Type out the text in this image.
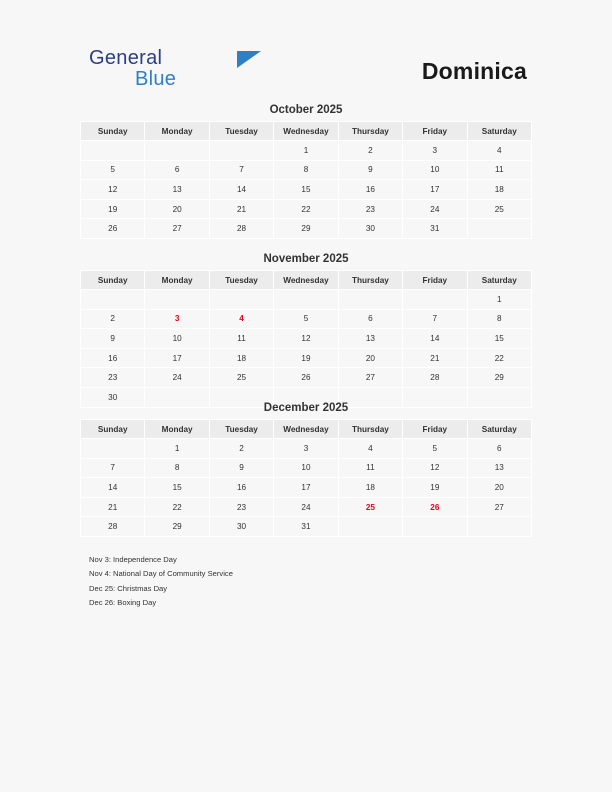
General
Blue	Dominica
October 2025
Sunday	Monday	Tuesday	Wednesday	Thursday	Friday	Saturday
			1	2	3	4
5	6	7	8	9	10	11
12	13	14	15	16	17	18
19	20	21	22	23	24	25
26	27	28	29	30	31	
November 2025
Sunday	Monday	Tuesday	Wednesday	Thursday	Friday	Saturday
						1
2	3	4	5	6	7	8
9	10	11	12	13	14	15
16	17	18	19	20	21	22
23	24	25	26	27	28	29
30						
December 2025
Sunday	Monday	Tuesday	Wednesday	Thursday	Friday	Saturday
	1	2	3	4	5	6
7	8	9	10	11	12	13
14	15	16	17	18	19	20
21	22	23	24	25	26	27
28	29	30	31			
Nov 3: Independence Day
Nov 4: National Day of Community Service
Dec 25: Christmas Day
Dec 26: Boxing Day
